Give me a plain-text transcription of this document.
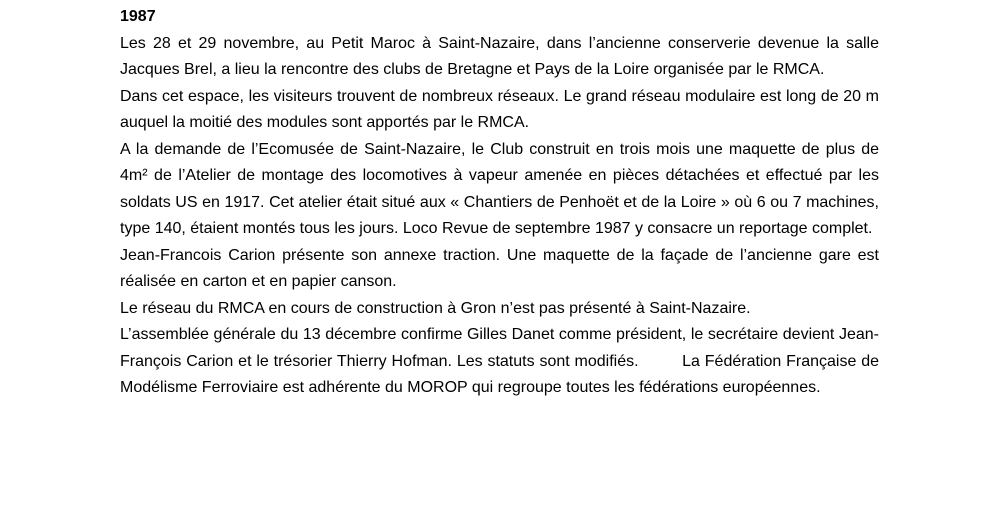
1987

Les 28 et 29 novembre, au Petit Maroc à Saint-Nazaire, dans l’ancienne conserverie devenue la salle Jacques Brel, a lieu la rencontre des clubs de Bretagne et Pays de la Loire organisée par le RMCA.

Dans cet espace, les visiteurs trouvent de nombreux réseaux. Le grand réseau modulaire est long de 20 m auquel la moitié des modules sont apportés par le RMCA.

A la demande de l’Ecomusée de Saint-Nazaire, le Club construit en trois mois une maquette de plus de 4m² de l’Atelier de montage des locomotives à vapeur amenée en pièces détachées et effectué par les soldats US en 1917. Cet atelier était situé aux « Chantiers de Penhoët et de la Loire » où 6 ou 7 machines, type 140, étaient montés tous les jours. Loco Revue de septembre 1987 y consacre un reportage complet.

Jean-Francois Carion présente son annexe traction. Une maquette de la façade de l’ancienne gare est réalisée en carton et en papier canson.

Le réseau du RMCA en cours de construction à Gron n’est pas présenté à Saint-Nazaire.

L’assemblée générale du 13 décembre confirme Gilles Danet comme président, le secrétaire devient Jean-François Carion et le trésorier Thierry Hofman. Les statuts sont modifiés.         La Fédération Française de Modélisme Ferroviaire est adhérente du MOROP qui regroupe toutes les fédérations européennes.
